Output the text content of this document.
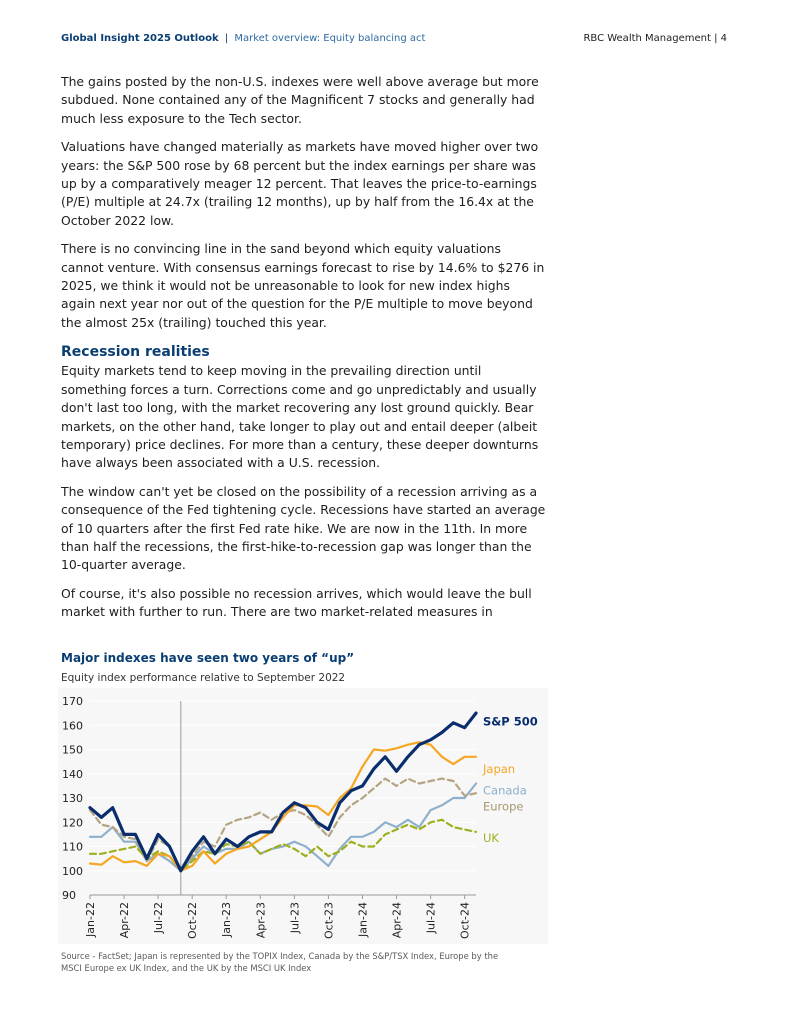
Global Insight 2025 Outlook | Market overview: Equity balancing act	RBC Wealth Management | 4

The gains posted by the non-U.S. indexes were well above average but more subdued. None contained any of the Magnificent 7 stocks and generally had much less exposure to the Tech sector.

Valuations have changed materially as markets have moved higher over two years: the S&P 500 rose by 68 percent but the index earnings per share was up by a comparatively meager 12 percent. That leaves the price-to-earnings (P/E) multiple at 24.7x (trailing 12 months), up by half from the 16.4x at the October 2022 low.

There is no convincing line in the sand beyond which equity valuations cannot venture. With consensus earnings forecast to rise by 14.6% to $276 in 2025, we think it would not be unreasonable to look for new index highs again next year nor out of the question for the P/E multiple to move beyond the almost 25x (trailing) touched this year.

Recession realities

Equity markets tend to keep moving in the prevailing direction until something forces a turn. Corrections come and go unpredictably and usually don't last too long, with the market recovering any lost ground quickly. Bear markets, on the other hand, take longer to play out and entail deeper (albeit temporary) price declines. For more than a century, these deeper downturns have always been associated with a U.S. recession.

The window can't yet be closed on the possibility of a recession arriving as a consequence of the Fed tightening cycle. Recessions have started an average of 10 quarters after the first Fed rate hike. We are now in the 11th. In more than half the recessions, the first-hike-to-recession gap was longer than the 10-quarter average.

Of course, it's also possible no recession arrives, which would leave the bull market with further to run. There are two market-related measures in

Major indexes have seen two years of “up”
Equity index performance relative to September 2022
90
100
110
120
130
140
150
160
170
Jan-22 Apr-22 Jul-22 Oct-22 Jan-23 Apr-23 Jul-23 Oct-23 Jan-24 Apr-24 Jul-24 Oct-24
S&P 500
Japan
Canada
Europe
UK
Source - FactSet; Japan is represented by the TOPIX Index, Canada by the S&P/TSX Index, Europe by the MSCI Europe ex UK Index, and the UK by the MSCI UK Index
